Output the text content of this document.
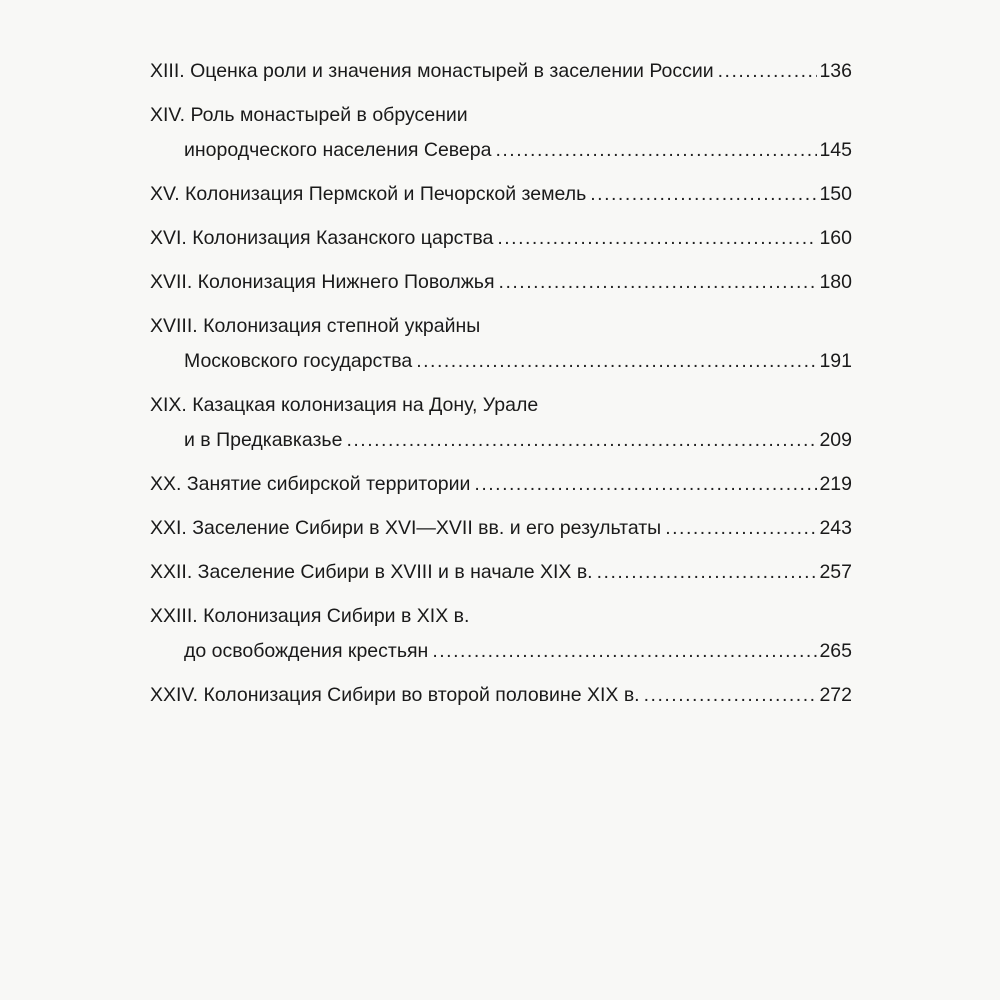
XIII. Оценка роли и значения монастырей в заселении России .....	136
XIV. Роль монастырей в обрусении
инородческого населения Севера .....	145
XV. Колонизация Пермской и Печорской земель .....	150
XVI. Колонизация Казанского царства .....	160
XVII. Колонизация Нижнего Поволжья .....	180
XVIII. Колонизация степной украйны
Московского государства .....	191
XIX. Казацкая колонизация на Дону, Урале
и в Предкавказье .....	209
XX. Занятие сибирской территории .....	219
XXI. Заселение Сибири в XVI—XVII вв. и его результаты .....	243
XXII. Заселение Сибири в XVIII и в начале XIX в. .....	257
XXIII. Колонизация Сибири в XIX в.
до освобождения крестьян .....	265
XXIV. Колонизация Сибири во второй половине XIX в. .....	272
